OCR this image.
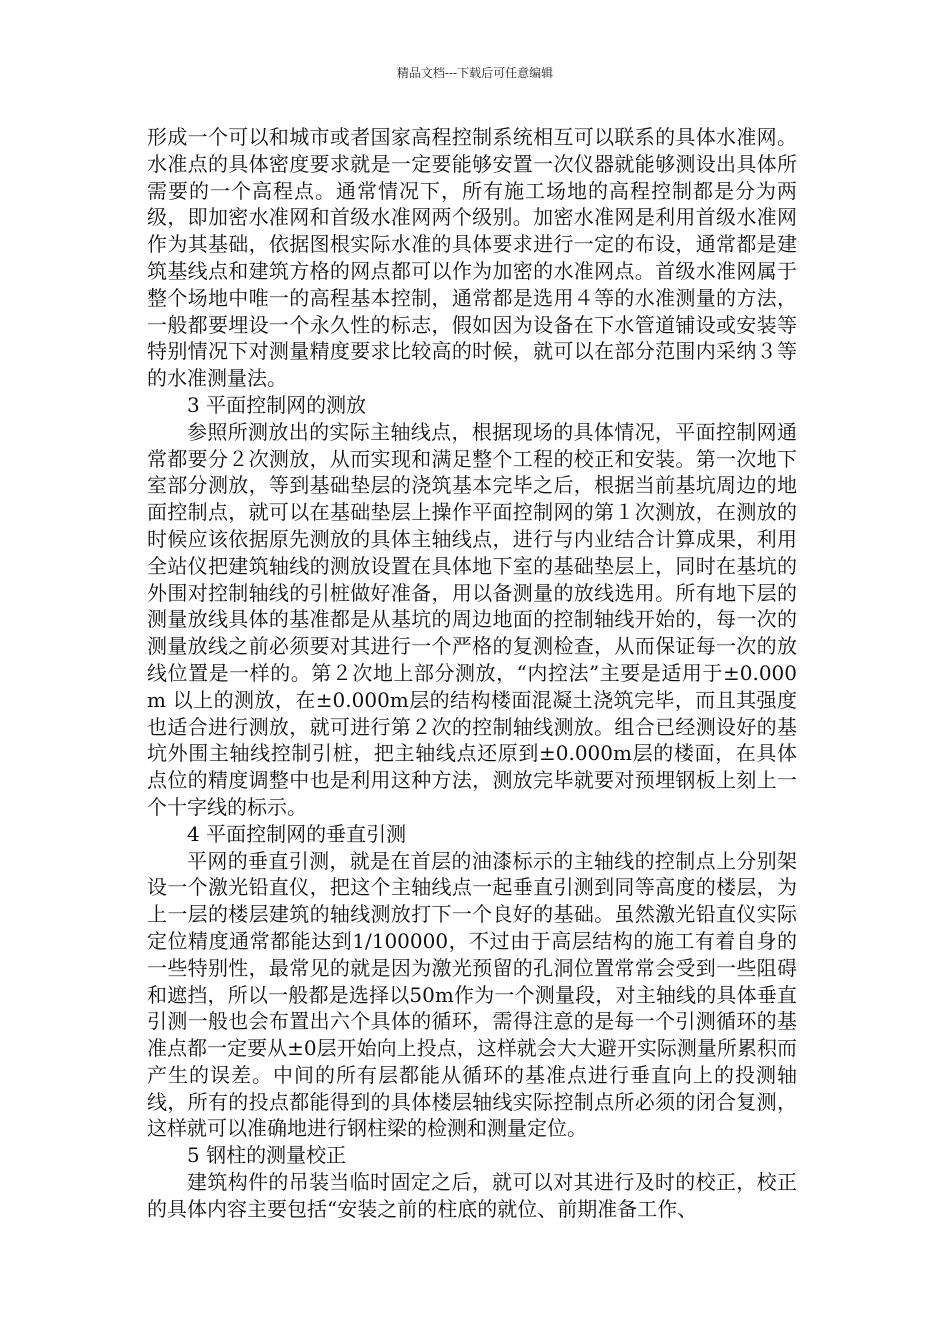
精品文档---下载后可任意编辑

形成一个可以和城市或者国家高程控制系统相互可以联系的具体水准网。水准点的具体密度要求就是一定要能够安置一次仪器就能够测设出具体所需要的一个高程点。通常情况下，所有施工场地的高程控制都是分为两级，即加密水准网和首级水准网两个级别。加密水准网是利用首级水准网作为其基础，依据图根实际水准的具体要求进行一定的布设，通常都是建筑基线点和建筑方格的网点都可以作为加密的水准网点。首级水准网属于整个场地中唯一的高程基本控制，通常都是选用４等的水准测量的方法，一般都要埋设一个永久性的标志，假如因为设备在下水管道铺设或安装等特别情况下对测量精度要求比较高的时候，就可以在部分范围内采纳３等的水准测量法。

3 平面控制网的测放

参照所测放出的实际主轴线点，根据现场的具体情况，平面控制网通常都要分２次测放，从而实现和满足整个工程的校正和安装。第一次地下室部分测放，等到基础垫层的浇筑基本完毕之后，根据当前基坑周边的地面控制点，就可以在基础垫层上操作平面控制网的第１次测放，在测放的时候应该依据原先测放的具体主轴线点，进行与内业结合计算成果，利用全站仪把建筑轴线的测放设置在具体地下室的基础垫层上，同时在基坑的外围对控制轴线的引桩做好准备，用以备测量的放线选用。所有地下层的测量放线具体的基准都是从基坑的周边地面的控制轴线开始的，每一次的测量放线之前必须要对其进行一个严格的复测检查，从而保证每一次的放线位置是一样的。第２次地上部分测放，“内控法”主要是适用于±0.000m 以上的测放，在±0.000m层的结构楼面混凝土浇筑完毕，而且其强度也适合进行测放，就可进行第２次的控制轴线测放。组合已经测设好的基坑外围主轴线控制引桩，把主轴线点还原到±0.000m层的楼面，在具体点位的精度调整中也是利用这种方法，测放完毕就要对预埋钢板上刻上一个十字线的标示。

4 平面控制网的垂直引测

平网的垂直引测，就是在首层的油漆标示的主轴线的控制点上分别架设一个激光铅直仪，把这个主轴线点一起垂直引测到同等高度的楼层，为上一层的楼层建筑的轴线测放打下一个良好的基础。虽然激光铅直仪实际定位精度通常都能达到1/100000，不过由于高层结构的施工有着自身的一些特别性，最常见的就是因为激光预留的孔洞位置常常会受到一些阻碍和遮挡，所以一般都是选择以50m作为一个测量段，对主轴线的具体垂直引测一般也会布置出六个具体的循环，需得注意的是每一个引测循环的基准点都一定要从±0层开始向上投点，这样就会大大避开实际测量所累积而产生的误差。中间的所有层都能从循环的基准点进行垂直向上的投测轴线，所有的投点都能得到的具体楼层轴线实际控制点所必须的闭合复测，这样就可以准确地进行钢柱梁的检测和测量定位。

5 钢柱的测量校正

建筑构件的吊装当临时固定之后，就可以对其进行及时的校正，校正的具体内容主要包括“安装之前的柱底的就位、前期准备工作、
